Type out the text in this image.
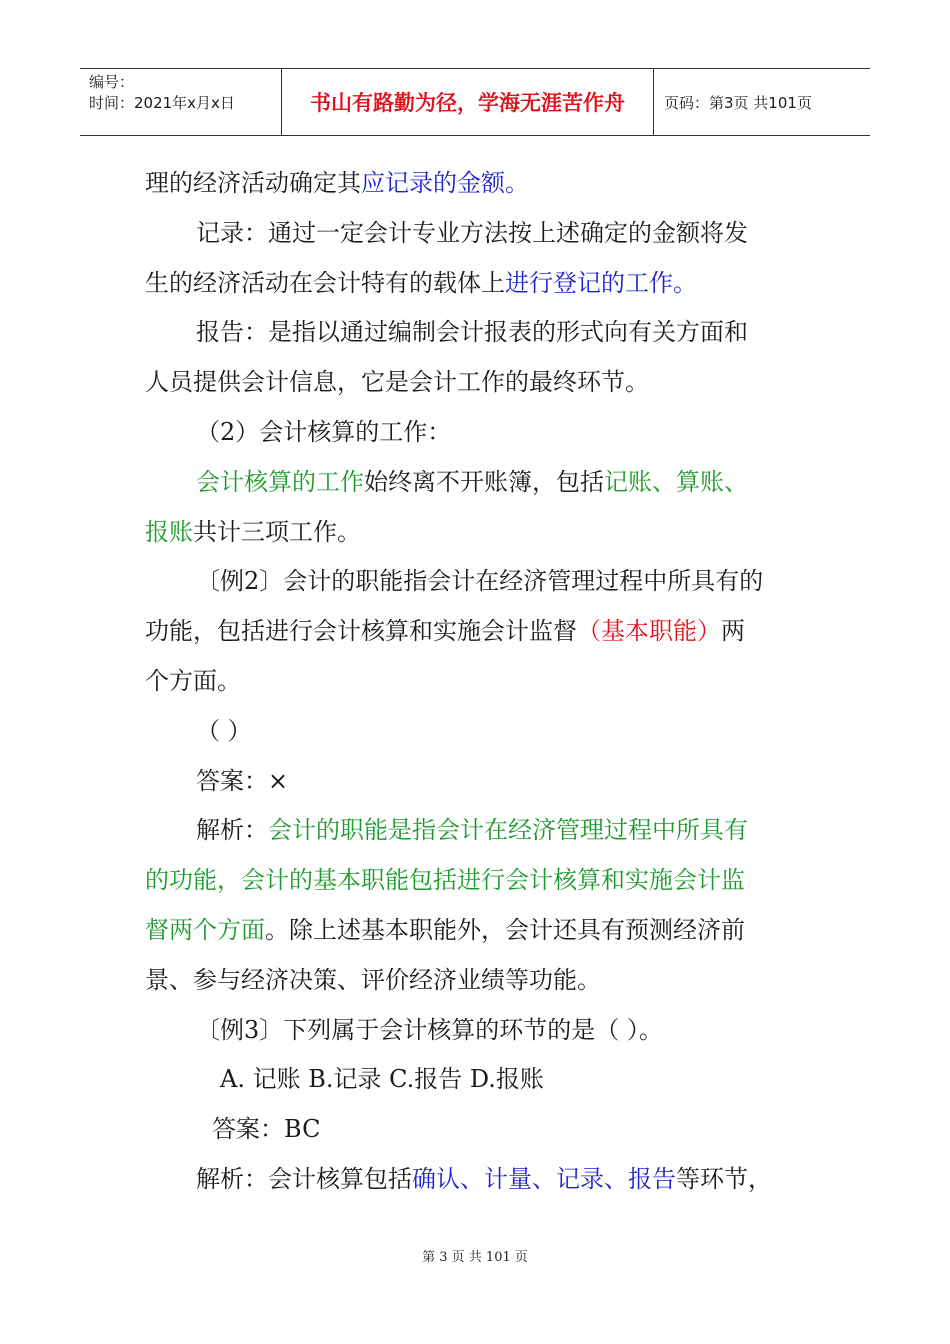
编号：
时间：2021年x月x日	书山有路勤为径，学海无涯苦作舟	页码：第3页 共101页
理的经济活动确定其应记录的金额。
记录：通过一定会计专业方法按上述确定的金额将发
生的经济活动在会计特有的载体上进行登记的工作。
报告：是指以通过编制会计报表的形式向有关方面和
人员提供会计信息，它是会计工作的最终环节。
（2）会计核算的工作：
会计核算的工作始终离不开账簿，包括记账、算账、
报账共计三项工作。
〔例2〕会计的职能指会计在经济管理过程中所具有的
功能，包括进行会计核算和实施会计监督（基本职能）两
个方面。
（ ）
答案：×
解析：会计的职能是指会计在经济管理过程中所具有
的功能，会计的基本职能包括进行会计核算和实施会计监
督两个方面。除上述基本职能外，会计还具有预测经济前
景、参与经济决策、评价经济业绩等功能。
〔例3〕下列属于会计核算的环节的是（ ）。
A. 记账 B.记录 C.报告 D.报账
答案：BC
解析：会计核算包括确认、计量、记录、报告等环节，
第 3 页 共 101 页
